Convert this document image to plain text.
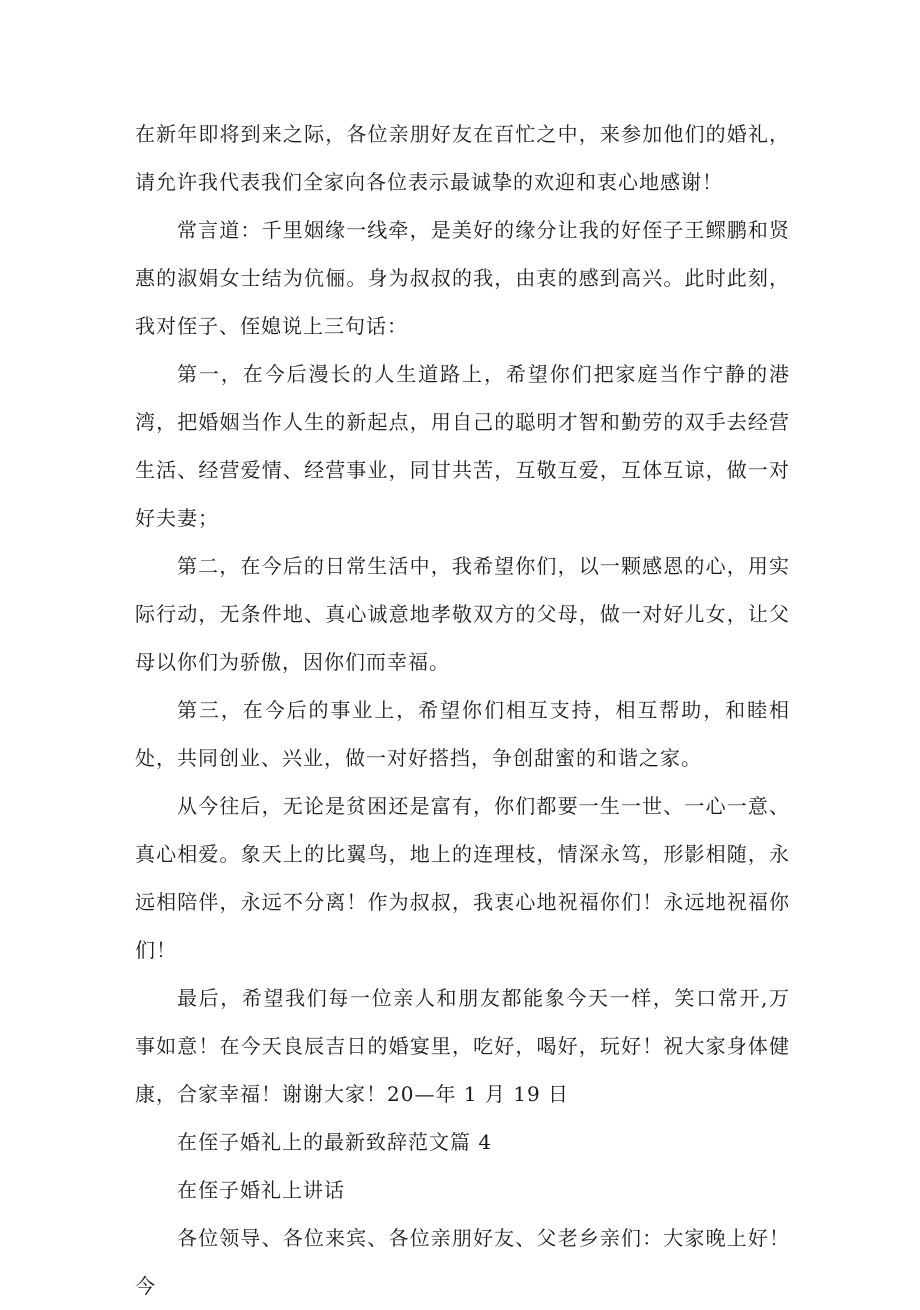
在新年即将到来之际，各位亲朋好友在百忙之中，来参加他们的婚礼，请允许我代表我们全家向各位表示最诚挚的欢迎和衷心地感谢！

常言道：千里姻缘一线牵，是美好的缘分让我的好侄子王鳏鹏和贤惠的淑娟女士结为伉俪。身为叔叔的我，由衷的感到高兴。此时此刻，我对侄子、侄媳说上三句话：

第一，在今后漫长的人生道路上，希望你们把家庭当作宁静的港湾，把婚姻当作人生的新起点，用自己的聪明才智和勤劳的双手去经营生活、经营爱情、经营事业，同甘共苦，互敬互爱，互体互谅，做一对好夫妻；

第二，在今后的日常生活中，我希望你们，以一颗感恩的心，用实际行动，无条件地、真心诚意地孝敬双方的父母，做一对好儿女，让父母以你们为骄傲，因你们而幸福。

第三，在今后的事业上，希望你们相互支持，相互帮助，和睦相处，共同创业、兴业，做一对好搭挡，争创甜蜜的和谐之家。

从今往后，无论是贫困还是富有，你们都要一生一世、一心一意、真心相爱。象天上的比翼鸟，地上的连理枝，情深永笃，形影相随，永远相陪伴，永远不分离！作为叔叔，我衷心地祝福你们！永远地祝福你们！

最后，希望我们每一位亲人和朋友都能象今天一样，笑口常开,万事如意！在今天良辰吉日的婚宴里，吃好，喝好，玩好！祝大家身体健康，合家幸福！谢谢大家！20—年 1 月 19 日

在侄子婚礼上的最新致辞范文篇 4

在侄子婚礼上讲话

各位领导、各位来宾、各位亲朋好友、父老乡亲们：大家晚上好！今
